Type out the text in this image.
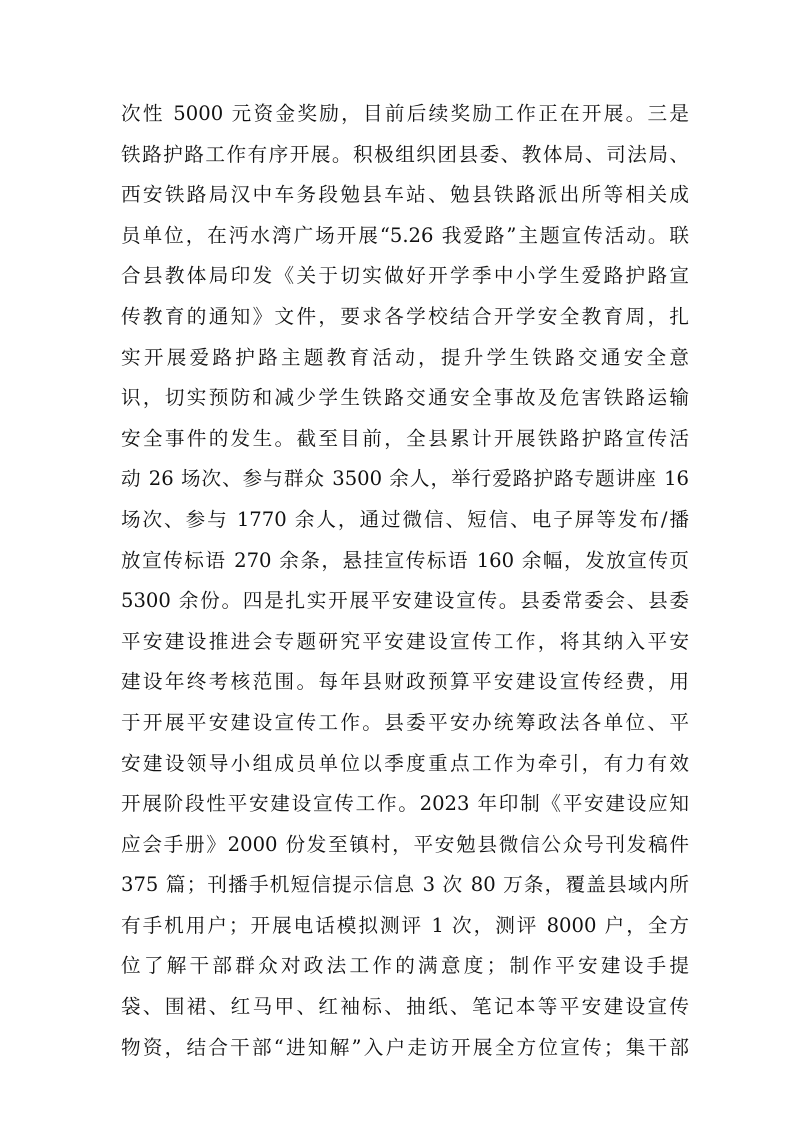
次性 5000 元资金奖励，目前后续奖励工作正在开展。三是
铁路护路工作有序开展。积极组织团县委、教体局、司法局、
西安铁路局汉中车务段勉县车站、勉县铁路派出所等相关成
员单位，在沔水湾广场开展“5.26 我爱路”主题宣传活动。联
合县教体局印发《关于切实做好开学季中小学生爱路护路宣
传教育的通知》文件，要求各学校结合开学安全教育周，扎
实开展爱路护路主题教育活动，提升学生铁路交通安全意
识，切实预防和减少学生铁路交通安全事故及危害铁路运输
安全事件的发生。截至目前，全县累计开展铁路护路宣传活
动 26 场次、参与群众 3500 余人，举行爱路护路专题讲座 16
场次、参与 1770 余人，通过微信、短信、电子屏等发布/播
放宣传标语 270 余条，悬挂宣传标语 160 余幅，发放宣传页
5300 余份。四是扎实开展平安建设宣传。县委常委会、县委
平安建设推进会专题研究平安建设宣传工作，将其纳入平安
建设年终考核范围。每年县财政预算平安建设宣传经费，用
于开展平安建设宣传工作。县委平安办统筹政法各单位、平
安建设领导小组成员单位以季度重点工作为牵引，有力有效
开展阶段性平安建设宣传工作。2023 年印制《平安建设应知
应会手册》2000 份发至镇村，平安勉县微信公众号刊发稿件
375 篇；刊播手机短信提示信息 3 次 80 万条，覆盖县域内所
有手机用户；开展电话模拟测评 1 次，测评 8000 户，全方
位了解干部群众对政法工作的满意度；制作平安建设手提
袋、围裙、红马甲、红袖标、抽纸、笔记本等平安建设宣传
物资，结合干部“进知解”入户走访开展全方位宣传；集干部
